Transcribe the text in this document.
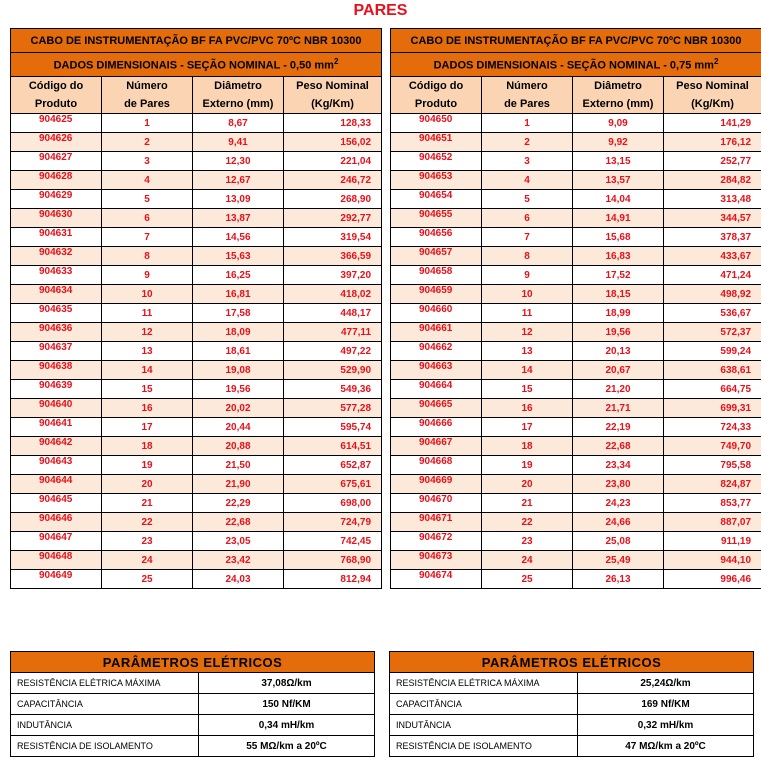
PARES
CABO DE INSTRUMENTAÇÃO BF FA PVC/PVC 70ºC NBR 10300			
DADOS DIMENSIONAIS - SEÇÃO NOMINAL - 0,50 $mm^2$
Código do	Número	Diâmetro	Peso Nominal
Produto	de Pares	Externo (mm)	(Kg/Km)
904625	1	8,67	128,33
904626	2	9,41	156,02
904627	3	12,30	221,04
904628	4	12,67	246,72
904629	5	13,09	268,90
904630	6	13,87	292,77
904631	7	14,56	319,54
904632	8	15,63	366,59
904633	9	16,25	397,20
904634	10	16,81	418,02
904635	11	17,58	448,17
904636	12	18,09	477,11
904637	13	18,61	497,22
904638	14	19,08	529,90
904639	15	19,56	549,36
904640	16	20,02	577,28
904641	17	20,44	595,74
904642	18	20,88	614,51
904643	19	21,50	652,87
904644	20	21,90	675,61
904645	21	22,29	698,00
904646	22	22,68	724,79
904647	23	23,05	742,45
904648	24	23,42	768,90
904649	25	24,03	812,94
CABO DE INSTRUMENTAÇÃO BF FA PVC/PVC 70ºC NBR 10300			
DADOS DIMENSIONAIS - SEÇÃO NOMINAL - 0,75 $mm^2$
Código do	Número	Diâmetro	Peso Nominal
Produto	de Pares	Externo (mm)	(Kg/Km)
904650	1	9,09	141,29
904651	2	9,92	176,12
904652	3	13,15	252,77
904653	4	13,57	284,82
904654	5	14,04	313,48
904655	6	14,91	344,57
904656	7	15,68	378,37
904657	8	16,83	433,67
904658	9	17,52	471,24
904659	10	18,15	498,92
904660	11	18,99	536,67
904661	12	19,56	572,37
904662	13	20,13	599,24
904663	14	20,67	638,61
904664	15	21,20	664,75
904665	16	21,71	699,31
904666	17	22,19	724,33
904667	18	22,68	749,70
904668	19	23,34	795,58
904669	20	23,80	824,87
904670	21	24,23	853,77
904671	22	24,66	887,07
904672	23	25,08	911,19
904673	24	25,49	944,10
904674	25	26,13	996,46
PARÂMETROS ELÉTRICOS	
RESISTÊNCIA ELÉTRICA MÁXIMA	37,08Ω/km
CAPACITÂNCIA	150 Nf/KM
INDUTÂNCIA	0,34 mH/km
RESISTÊNCIA DE ISOLAMENTO	55 MΩ/km a 20ºC
PARÂMETROS ELÉTRICOS	
RESISTÊNCIA ELÉTRICA MÁXIMA	25,24Ω/km
CAPACITÂNCIA	169 Nf/KM
INDUTÂNCIA	0,32 mH/km
RESISTÊNCIA DE ISOLAMENTO	47 MΩ/km a 20ºC
